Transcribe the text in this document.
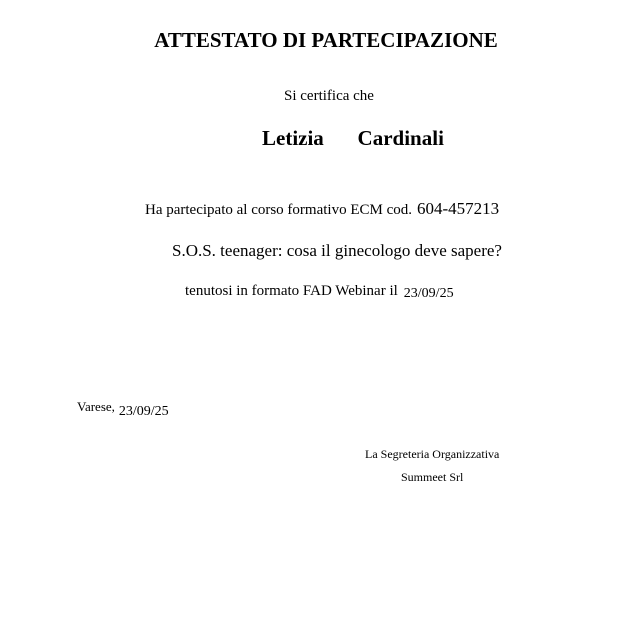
ATTESTATO DI PARTECIPAZIONE
Si certifica che
Letizia   Cardinali
Ha partecipato al corso formativo ECM cod. 604-457213
S.O.S. teenager: cosa il ginecologo deve sapere?
tenutosi in formato FAD Webinar il 23/09/25
Varese, 23/09/25
La Segreteria Organizzativa
Summeet Srl
